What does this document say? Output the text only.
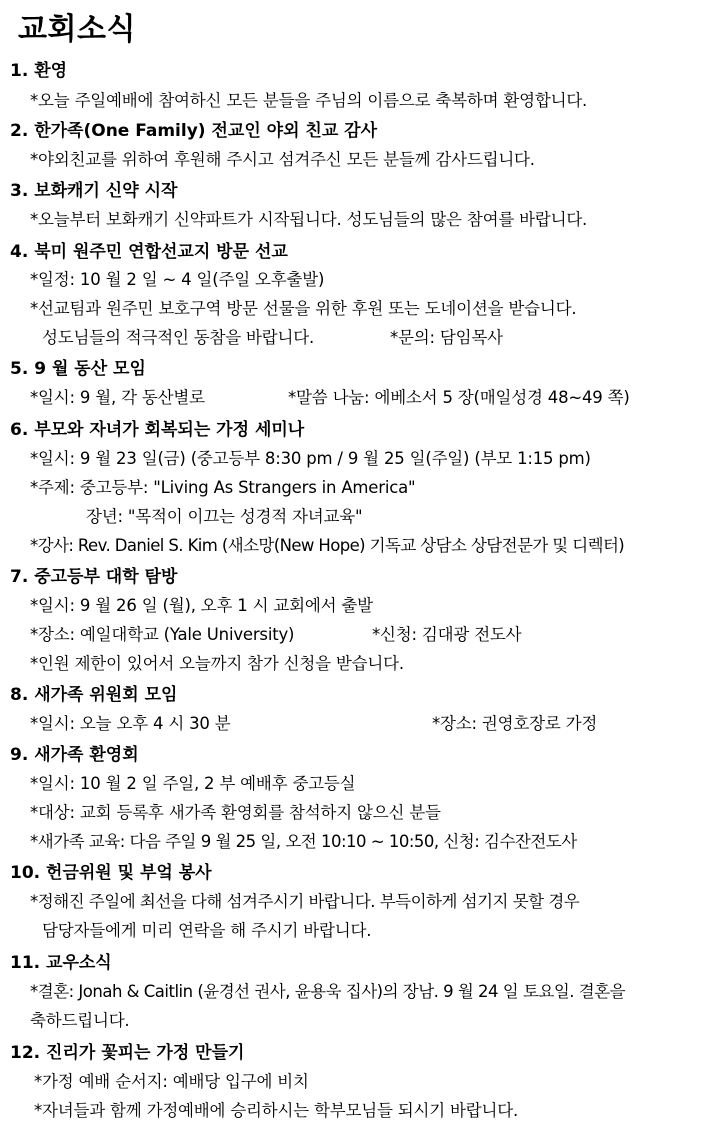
교회소식
1. 환영
*오늘 주일예배에 참여하신 모든 분들을 주님의 이름으로 축복하며 환영합니다.
2. 한가족(One Family) 전교인 야외 친교 감사
*야외친교를 위하여 후원해 주시고 섬겨주신 모든 분들께 감사드립니다.
3. 보화캐기 신약 시작
*오늘부터 보화캐기 신약파트가 시작됩니다. 성도님들의 많은 참여를 바랍니다.
4. 북미 원주민 연합선교지 방문 선교
*일정: 10 월 2 일 ~ 4 일(주일 오후출발)
*선교팀과 원주민 보호구역 방문 선물을 위한 후원 또는 도네이션을 받습니다.
성도님들의 적극적인 동참을 바랍니다.	*문의: 담임목사
5. 9 월 동산 모임
*일시: 9 월, 각 동산별로	*말씀 나눔: 에베소서 5 장(매일성경 48~49 쪽)
6. 부모와 자녀가 회복되는 가정 세미나
*일시: 9 월 23 일(금) (중고등부 8:30 pm / 9 월 25 일(주일) (부모 1:15 pm)
*주제: 중고등부: "Living As Strangers in America"
장년: "목적이 이끄는 성경적 자녀교육"
*강사: Rev. Daniel S. Kim (새소망(New Hope) 기독교 상담소 상담전문가 및 디렉터)
7. 중고등부 대학 탐방
*일시: 9 월 26 일 (월), 오후 1 시 교회에서 출발
*장소: 예일대학교 (Yale University)	*신청: 김대광 전도사
*인원 제한이 있어서 오늘까지 참가 신청을 받습니다.
8. 새가족 위원회 모임
*일시: 오늘 오후 4 시 30 분	*장소: 권영호장로 가정
9. 새가족 환영회
*일시: 10 월 2 일 주일, 2 부 예배후 중고등실
*대상: 교회 등록후 새가족 환영회를 참석하지 않으신 분들
*새가족 교육: 다음 주일 9 월 25 일, 오전 10:10 ~ 10:50, 신청: 김수잔전도사
10. 헌금위원 및 부엌 봉사
*정해진 주일에 최선을 다해 섬겨주시기 바랍니다. 부득이하게 섬기지 못할 경우
담당자들에게 미리 연락을 해 주시기 바랍니다.
11. 교우소식
*결혼: Jonah & Caitlin (윤경선 권사, 윤용욱 집사)의 장남. 9 월 24 일 토요일. 결혼을
축하드립니다.
12. 진리가 꽃피는 가정 만들기
*가정 예배 순서지: 예배당 입구에 비치
*자녀들과 함께 가정예배에 승리하시는 학부모님들 되시기 바랍니다.
